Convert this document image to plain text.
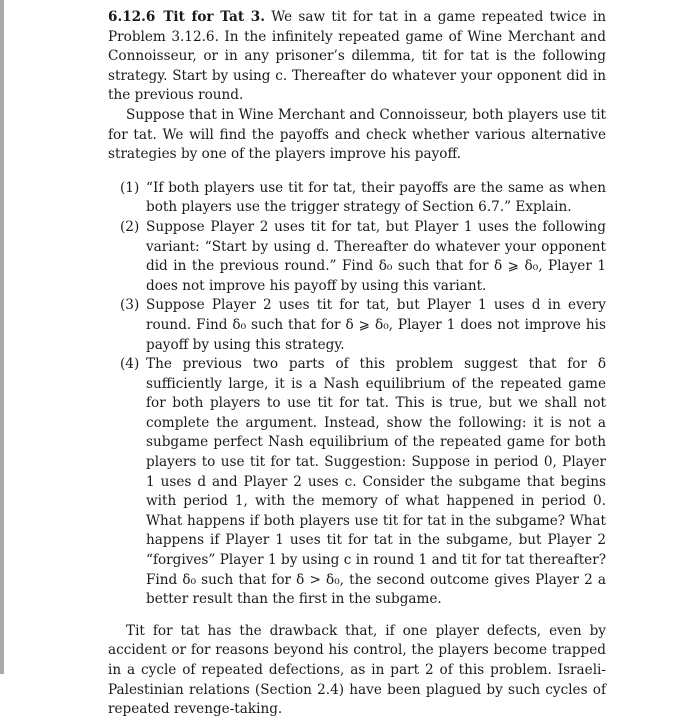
6.12.6 Tit for Tat 3. We saw tit for tat in a game repeated twice in Problem 3.12.6. In the infinitely repeated game of Wine Merchant and Connoisseur, or in any prisoner’s dilemma, tit for tat is the following strategy. Start by using c. Thereafter do whatever your opponent did in the previous round.

Suppose that in Wine Merchant and Connoisseur, both players use tit for tat. We will find the payoffs and check whether various alternative strategies by one of the players improve his payoff.

(1) “If both players use tit for tat, their payoffs are the same as when both players use the trigger strategy of Section 6.7.” Explain.
(2) Suppose Player 2 uses tit for tat, but Player 1 uses the following variant: “Start by using d. Thereafter do whatever your opponent did in the previous round.” Find δ₀ such that for δ ⩾ δ₀, Player 1 does not improve his payoff by using this variant.
(3) Suppose Player 2 uses tit for tat, but Player 1 uses d in every round. Find δ₀ such that for δ ⩾ δ₀, Player 1 does not improve his payoff by using this strategy.
(4) The previous two parts of this problem suggest that for δ sufficiently large, it is a Nash equilibrium of the repeated game for both players to use tit for tat. This is true, but we shall not complete the argument. Instead, show the following: it is not a subgame perfect Nash equilibrium of the repeated game for both players to use tit for tat. Suggestion: Suppose in period 0, Player 1 uses d and Player 2 uses c. Consider the subgame that begins with period 1, with the memory of what happened in period 0. What happens if both players use tit for tat in the subgame? What happens if Player 1 uses tit for tat in the subgame, but Player 2 “forgives” Player 1 by using c in round 1 and tit for tat thereafter? Find δ₀ such that for δ > δ₀, the second outcome gives Player 2 a better result than the first in the subgame.

Tit for tat has the drawback that, if one player defects, even by accident or for reasons beyond his control, the players become trapped in a cycle of repeated defections, as in part 2 of this problem. Israeli-Palestinian relations (Section 2.4) have been plagued by such cycles of repeated revenge-taking.
